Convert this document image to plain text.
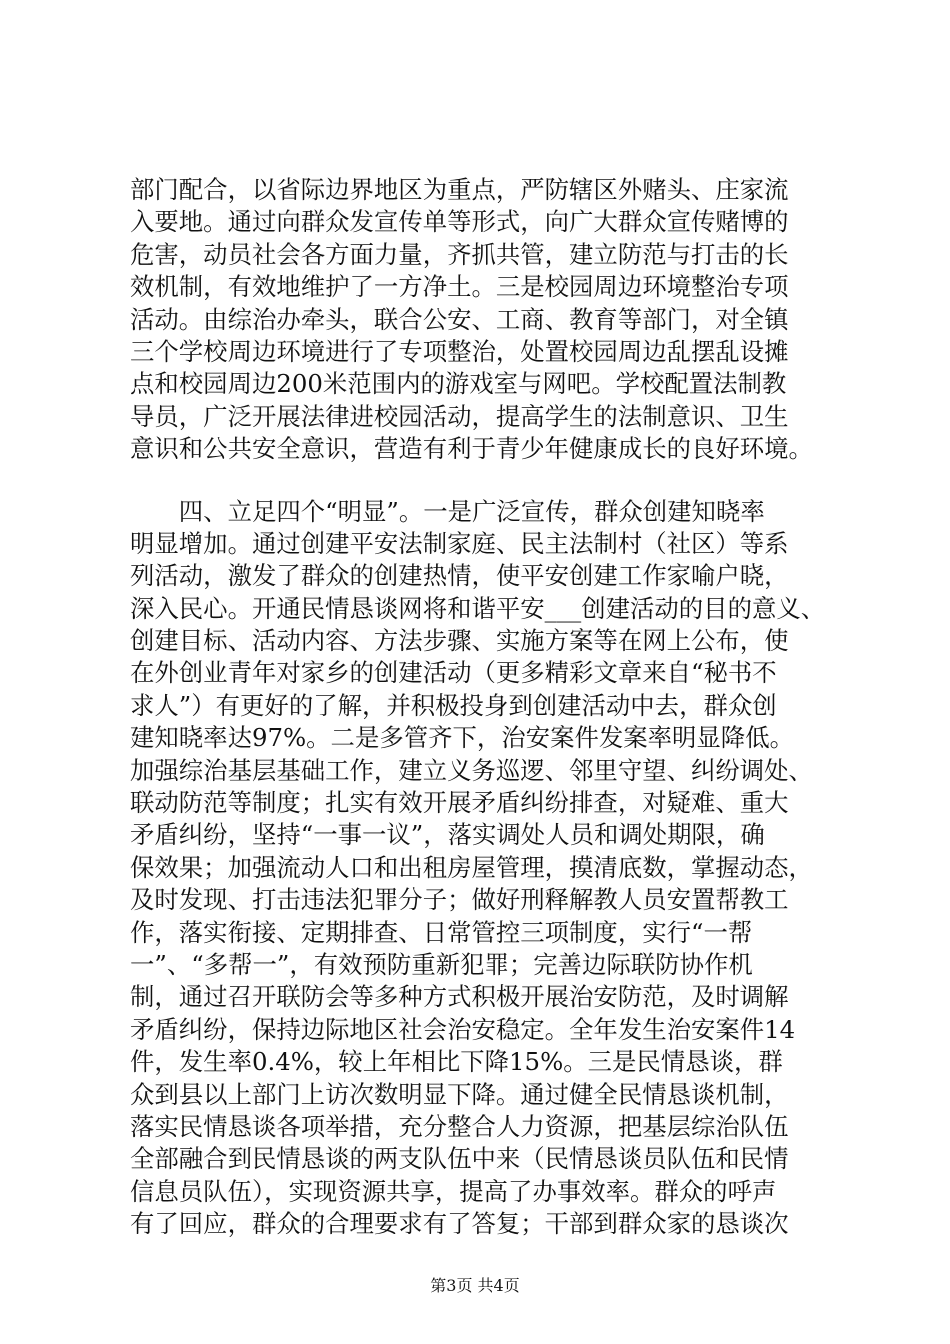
部门配合，以省际边界地区为重点，严防辖区外赌头、庄家流
入要地。通过向群众发宣传单等形式，向广大群众宣传赌博的
危害，动员社会各方面力量，齐抓共管，建立防范与打击的长
效机制，有效地维护了一方净土。三是校园周边环境整治专项
活动。由综治办牵头，联合公安、工商、教育等部门，对全镇
三个学校周边环境进行了专项整治，处置校园周边乱摆乱设摊
点和校园周边200米范围内的游戏室与网吧。学校配置法制教
导员，广泛开展法律进校园活动，提高学生的法制意识、卫生
意识和公共安全意识，营造有利于青少年健康成长的良好环境。
　　四、立足四个“明显”。一是广泛宣传，群众创建知晓率
明显增加。通过创建平安法制家庭、民主法制村（社区）等系
列活动，激发了群众的创建热情，使平安创建工作家喻户晓，
深入民心。开通民情恳谈网将和谐平安___创建活动的目的意义、
创建目标、活动内容、方法步骤、实施方案等在网上公布，使
在外创业青年对家乡的创建活动（更多精彩文章来自“秘书不
求人”）有更好的了解，并积极投身到创建活动中去，群众创
建知晓率达97%。二是多管齐下，治安案件发案率明显降低。
加强综治基层基础工作，建立义务巡逻、邻里守望、纠纷调处、
联动防范等制度；扎实有效开展矛盾纠纷排查，对疑难、重大
矛盾纠纷，坚持“一事一议”，落实调处人员和调处期限，确
保效果；加强流动人口和出租房屋管理，摸清底数，掌握动态，
及时发现、打击违法犯罪分子；做好刑释解教人员安置帮教工
作，落实衔接、定期排查、日常管控三项制度，实行“一帮
一”、“多帮一”，有效预防重新犯罪；完善边际联防协作机
制，通过召开联防会等多种方式积极开展治安防范，及时调解
矛盾纠纷，保持边际地区社会治安稳定。全年发生治安案件14
件，发生率0.4%，较上年相比下降15%。三是民情恳谈，群
众到县以上部门上访次数明显下降。通过健全民情恳谈机制，
落实民情恳谈各项举措，充分整合人力资源，把基层综治队伍
全部融合到民情恳谈的两支队伍中来（民情恳谈员队伍和民情
信息员队伍），实现资源共享，提高了办事效率。群众的呼声
有了回应，群众的合理要求有了答复；干部到群众家的恳谈次
第3页 共4页
